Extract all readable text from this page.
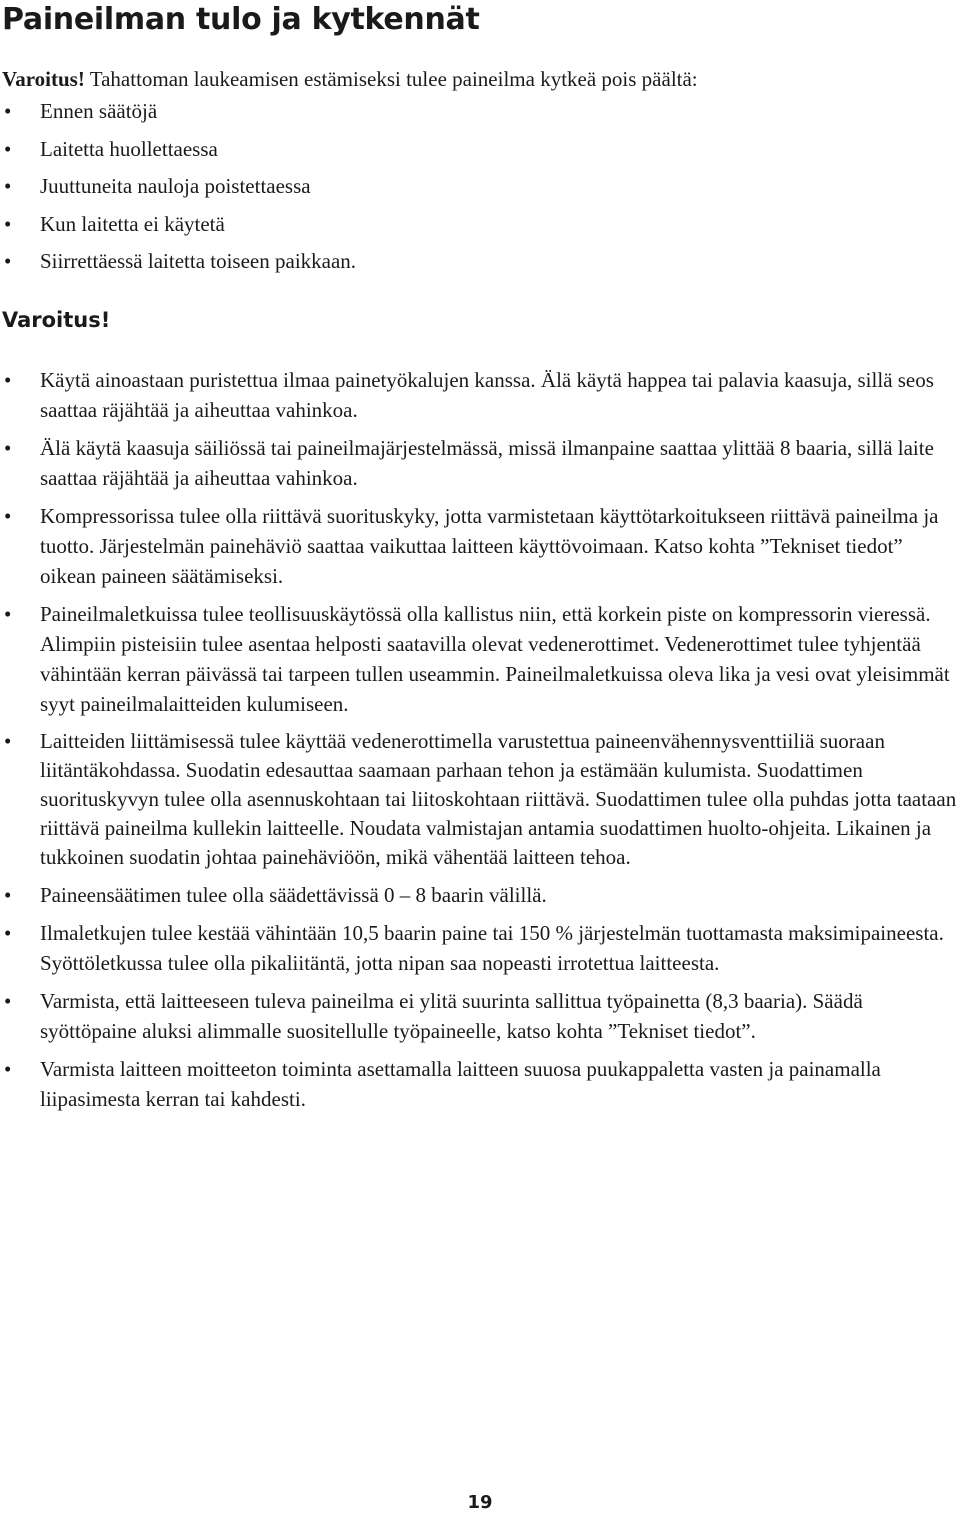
Paineilman tulo ja kytkennät
Varoitus! Tahattoman laukeamisen estämiseksi tulee paineilma kytkeä pois päältä:
• Ennen säätöjä
• Laitetta huollettaessa
• Juuttuneita nauloja poistettaessa
• Kun laitetta ei käytetä
• Siirrettäessä laitetta toiseen paikkaan.
Varoitus!
• Käytä ainoastaan puristettua ilmaa painetyökalujen kanssa. Älä käytä happea tai palavia kaasuja, sillä seos saattaa räjähtää ja aiheuttaa vahinkoa.
• Älä käytä kaasuja säiliössä tai paineilmajärjestelmässä, missä ilmanpaine saattaa ylittää 8 baaria, sillä laite saattaa räjähtää ja aiheuttaa vahinkoa.
• Kompressorissa tulee olla riittävä suorituskyky, jotta varmistetaan käyttötarkoitukseen riittävä paineilma ja tuotto. Järjestelmän painehäviö saattaa vaikuttaa laitteen käyttövoimaan. Katso kohta ”Tekniset tiedot” oikean paineen säätämiseksi.
• Paineilmaletkuissa tulee teollisuuskäytössä olla kallistus niin, että korkein piste on kompressorin vieressä. Alimpiin pisteisiin tulee asentaa helposti saatavilla olevat vedenerottimet. Vedenerottimet tulee tyhjentää vähintään kerran päivässä tai tarpeen tullen useammin. Paineilmaletkuissa oleva lika ja vesi ovat yleisimmät syyt paineilmalaitteiden kulumiseen.
• Laitteiden liittämisessä tulee käyttää vedenerottimella varustettua paineenvähennysventtiiliä suoraan liitäntäkohdassa. Suodatin edesauttaa saamaan parhaan tehon ja estämään kulumista. Suodattimen suorituskyvyn tulee olla asennuskohtaan tai liitoskohtaan riittävä. Suodattimen tulee olla puhdas jotta taataan riittävä paineilma kullekin laitteelle. Noudata valmistajan antamia suodattimen huolto-ohjeita. Likainen ja tukkoinen suodatin johtaa painehäviöön, mikä vähentää laitteen tehoa.
• Paineensäätimen tulee olla säädettävissä 0 – 8 baarin välillä.
• Ilmaletkujen tulee kestää vähintään 10,5 baarin paine tai 150 % järjestelmän tuottamasta maksimipaineesta. Syöttöletkussa tulee olla pikaliitäntä, jotta nipan saa nopeasti irrotettua laitteesta.
• Varmista, että laitteeseen tuleva paineilma ei ylitä suurinta sallittua työpainetta (8,3 baaria). Säädä syöttöpaine aluksi alimmalle suositellulle työpaineelle, katso kohta ”Tekniset tiedot”.
• Varmista laitteen moitteeton toiminta asettamalla laitteen suuosa puukappaletta vasten ja painamalla liipasimesta kerran tai kahdesti.
19
